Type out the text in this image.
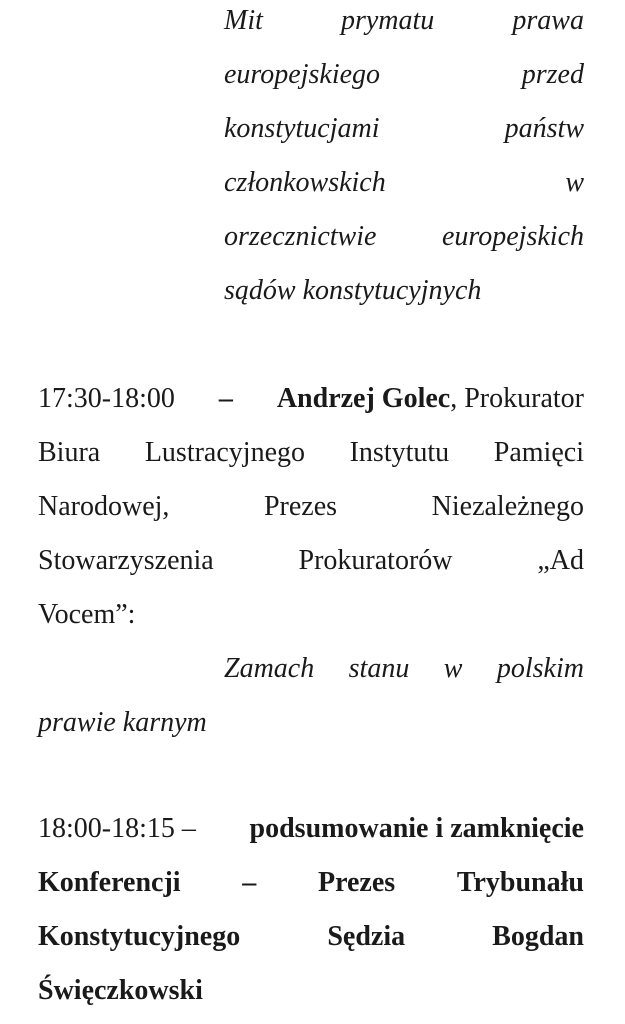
Mit	prymatu	prawa
europejskiego	przed
konstytucjami	państw
członkowskich	w
orzecznictwie europejskich
sądów konstytucyjnych
17:30-18:00 – Andrzej Golec , Prokurator
Biura Lustracyjnego Instytutu Pamięci
Narodowej,	Prezes	Niezależnego
Stowarzyszenia	Prokuratorów	„Ad
Vocem”:
Zamach stanu w polskim
prawie karnym
18:00-18:15 – podsumowanie i zamknięcie
Konferencji – Prezes Trybunału
Konstytucyjnego	Sędzia	Bogdan
Święczkowski
